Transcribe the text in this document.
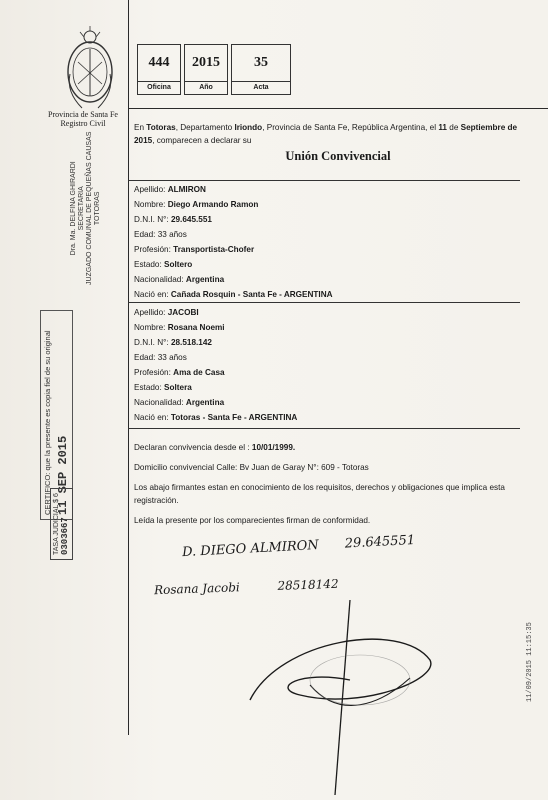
Provincia de Santa Fe
Registro Civil
444
Oficina
2015
Año
35
Acta
En Totoras, Departamento Iriondo, Provincia de Santa Fe, República Argentina, el 11 de Septiembre de 2015, comparecen a declarar su
Unión Convivencial
Apellido: ALMIRON
Nombre: Diego Armando Ramon
D.N.I. N°: 29.645.551
Edad: 33 años
Profesión: Transportista-Chofer
Estado: Soltero
Nacionalidad: Argentina
Nació en: Cañada Rosquin - Santa Fe - ARGENTINA
Apellido: JACOBI
Nombre: Rosana Noemi
D.N.I. N°: 28.518.142
Edad: 33 años
Profesión: Ama de Casa
Estado: Soltera
Nacionalidad: Argentina
Nació en: Totoras - Santa Fe - ARGENTINA
Declaran convivencia desde el : 10/01/1999.
Domicilio convivencial Calle: Bv Juan de Garay N°: 609 - Totoras
Los abajo firmantes estan en conocimiento de los requisitos, derechos y obligaciones que implica esta registración.
Leída la presente por los comparecientes firman de conformidad.
D. DIEGO ALMIRON 29.645551
Rosana Jacobi	28518142
Dra. Ma. DELFINA GHIRARDI
SECRETARIA
JUZGADO COMUNAL DE PEQUEÑAS CAUSAS
TOTORAS
CERTIFICO: que la presente es copia fiel de su original 11 SEP 2015
TASA JUDICIAL $ 6 0303667
11/09/2015 11:15:35
